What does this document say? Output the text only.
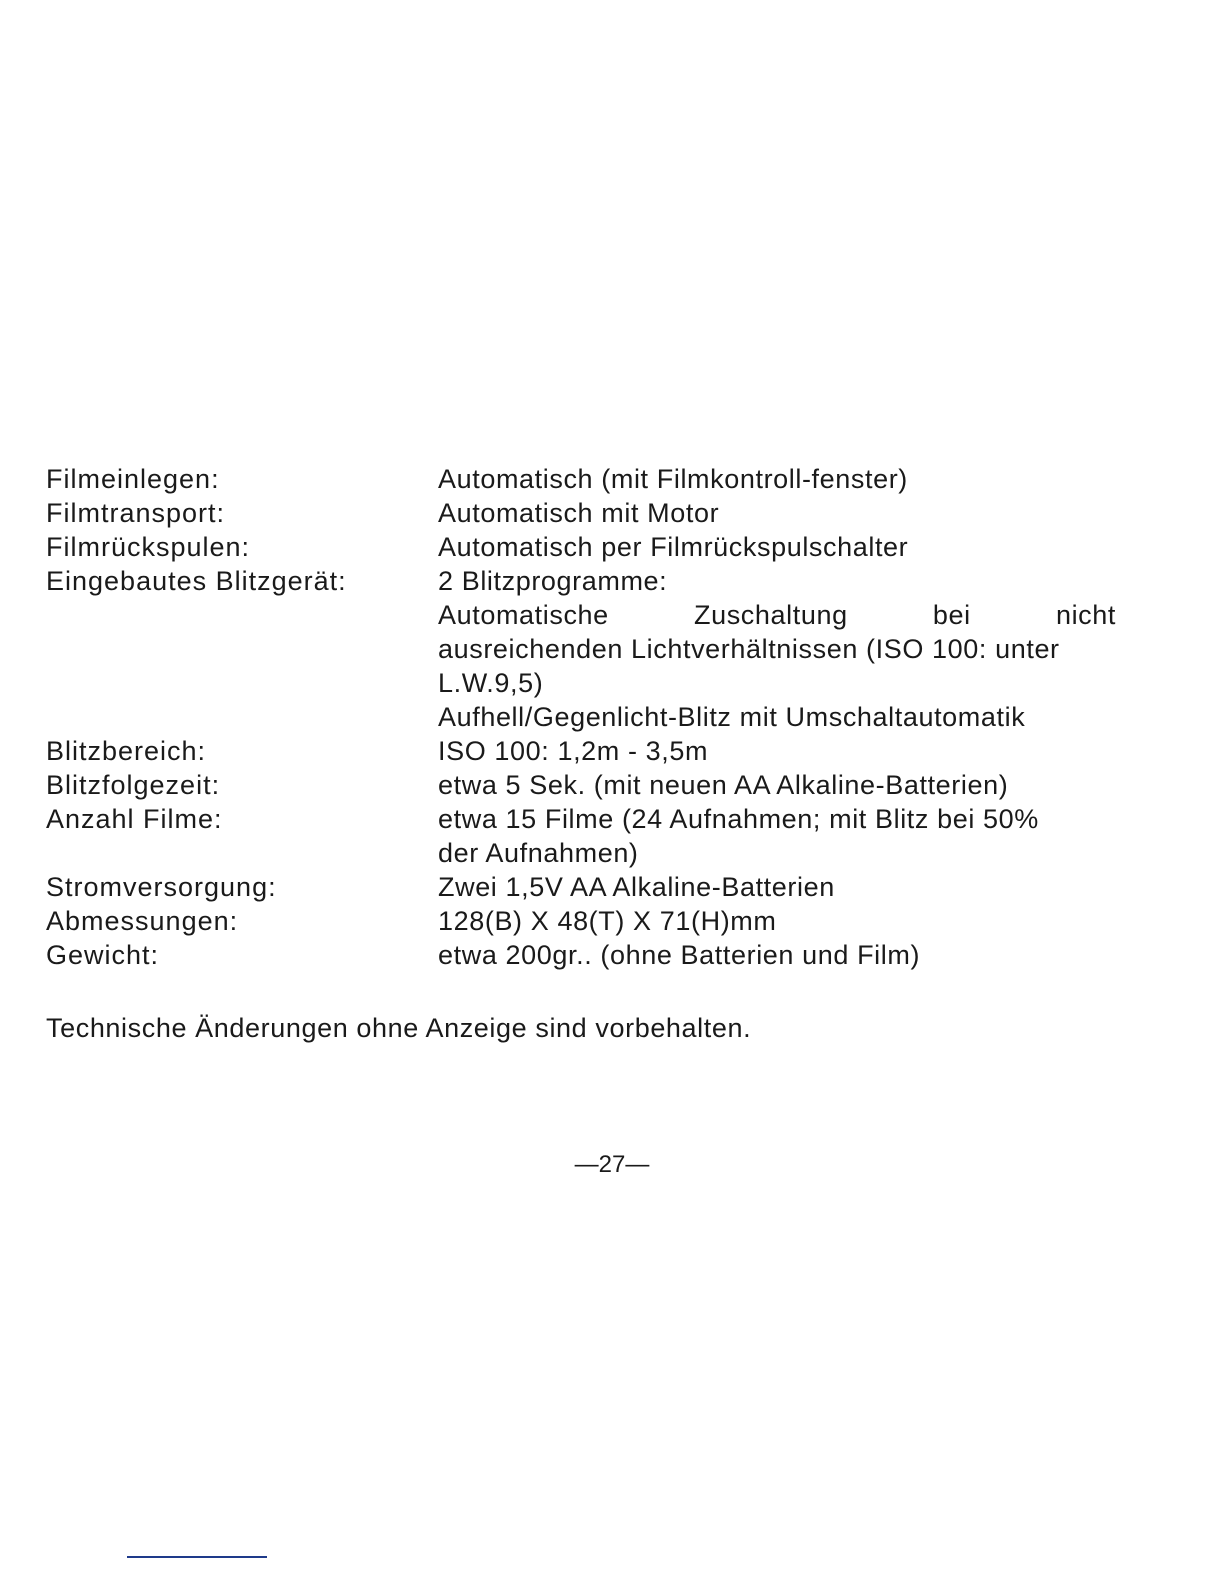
Filmeinlegen:	Automatisch (mit Filmkontroll-fenster)
Filmtransport:	Automatisch mit Motor
Filmrückspulen:	Automatisch per Filmrückspulschalter
Eingebautes Blitzgerät:	2 Blitzprogramme:
Automatische Zuschaltung bei nicht
ausreichenden Lichtverhältnissen (ISO 100: unter
L.W.9,5)
Aufhell/Gegenlicht-Blitz mit Umschaltautomatik
Blitzbereich:	ISO 100: 1,2m - 3,5m
Blitzfolgezeit:	etwa 5 Sek. (mit neuen AA Alkaline-Batterien)
Anzahl Filme:	etwa 15 Filme (24 Aufnahmen; mit Blitz bei 50%
der Aufnahmen)
Stromversorgung:	Zwei 1,5V AA Alkaline-Batterien
Abmessungen:	128(B) X 48(T) X 71(H)mm
Gewicht:	etwa 200gr.. (ohne Batterien und Film)
Technische Änderungen ohne Anzeige sind vorbehalten.
—27—
